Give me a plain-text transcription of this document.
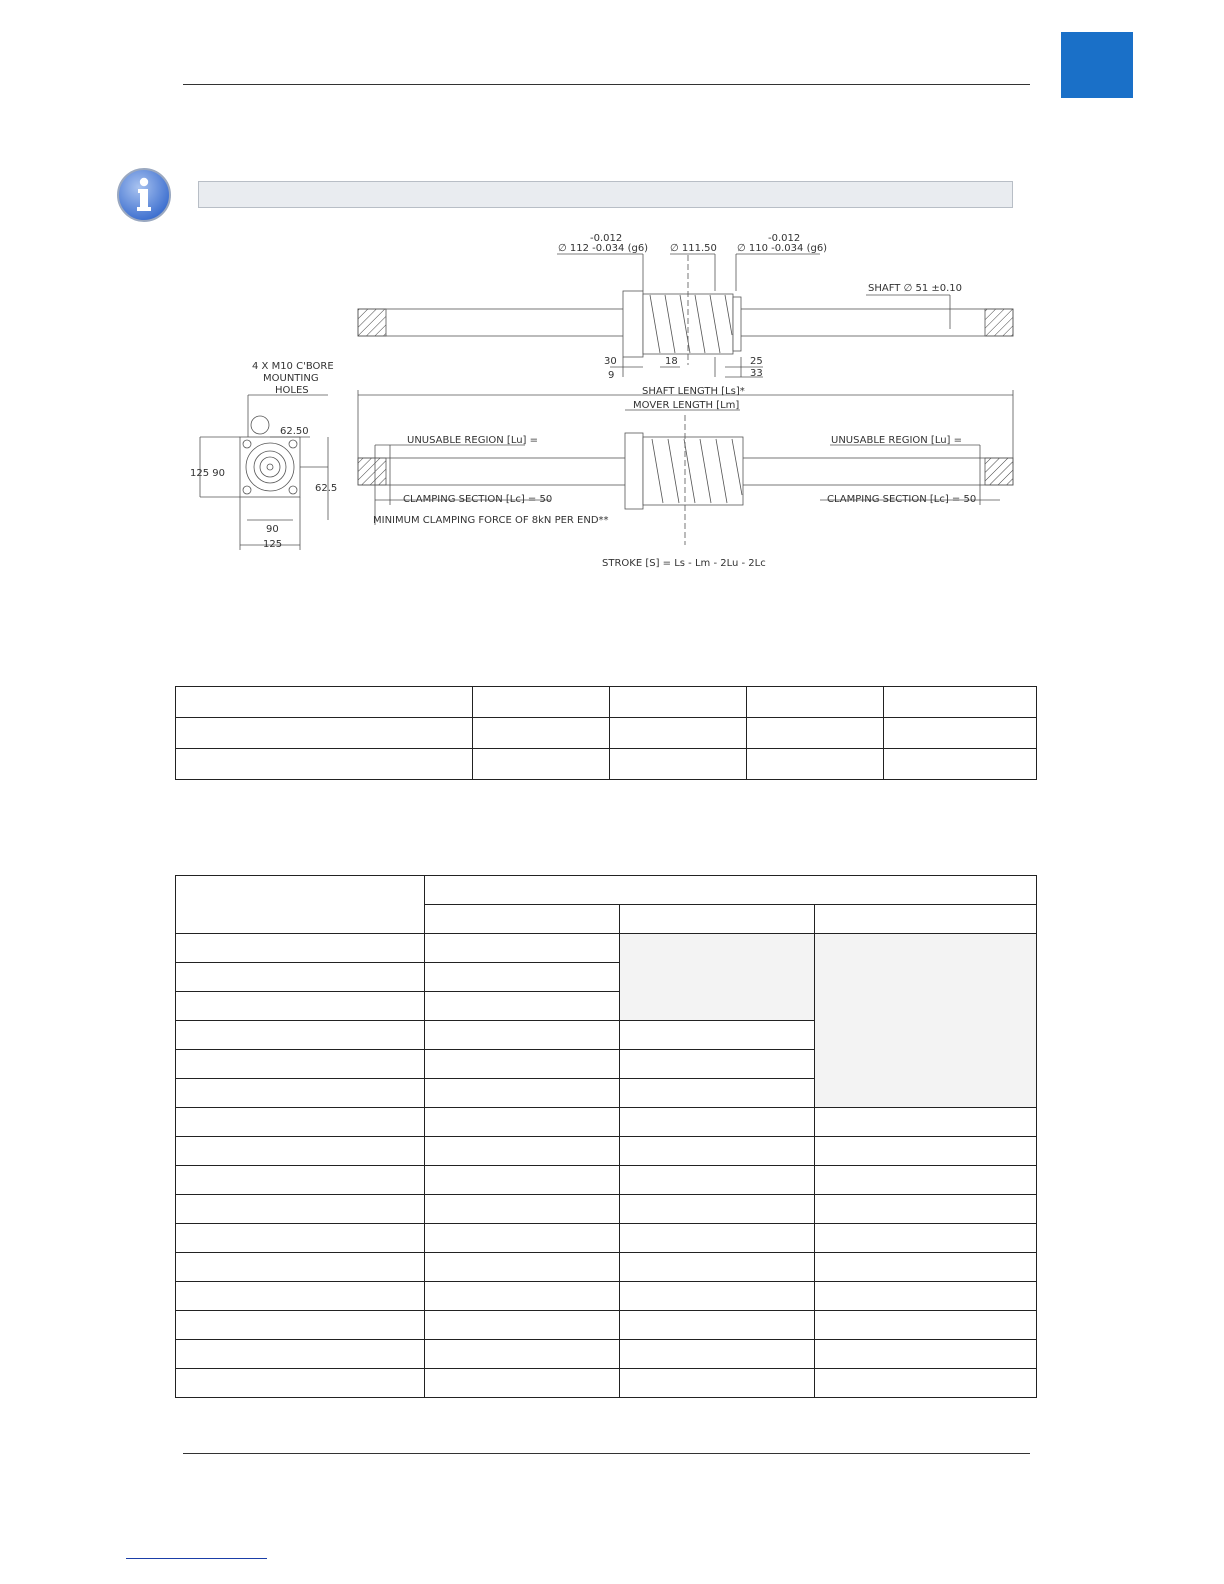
-0.012
∅ 112 -0.034 (g6) ∅ 111.50
-0.012
∅ 110 -0.034 (g6)
SHAFT ∅ 51 ±0.10
30
9
18	25
33
4 X M10 C'BORE
MOUNTING
HOLES	SHAFT LENGTH [Ls]*
MOVER LENGTH [Lm]
UNUSABLE REGION [Lu] =	UNUSABLE REGION [Lu] =
62.50
125 90
62.5
90
125
CLAMPING SECTION [Lc] = 50	CLAMPING SECTION [Lc] = 50
MINIMUM CLAMPING FORCE OF 8kN PER END**
STROKE [S] = Ls - Lm - 2Lu - 2Lc
